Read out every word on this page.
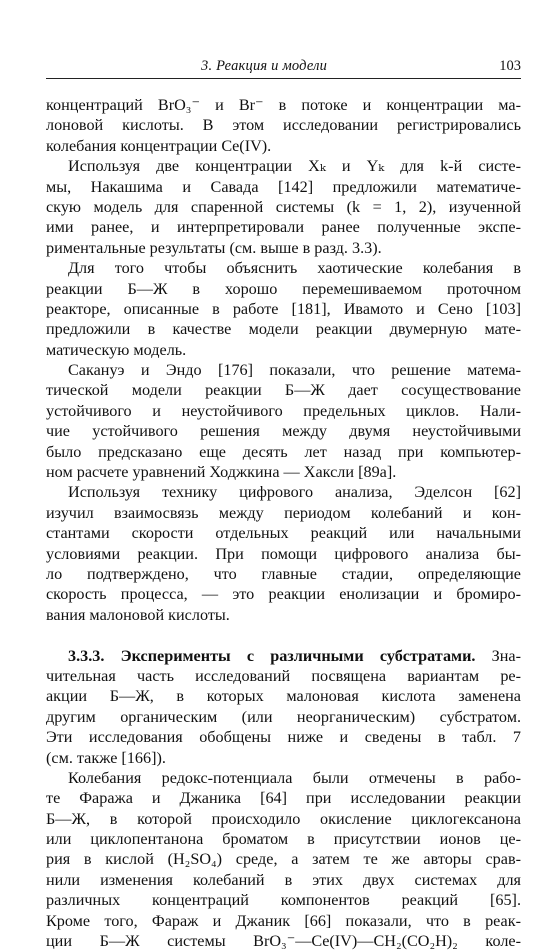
3. Реакция и модели	103
концентраций BrO₃⁻ и Br⁻ в потоке и концентрации ма-
лоновой кислоты. В этом исследовании регистрировались
колебания концентрации Ce(IV).
Используя две концентрации Xₖ и Yₖ для k-й систе-
мы, Накашима и Савада [142] предложили математиче-
скую модель для спаренной системы (k = 1, 2), изученной
ими ранее, и интерпретировали ранее полученные экспе-
риментальные результаты (см. выше в разд. 3.3).
Для того чтобы объяснить хаотические колебания в
реакции Б—Ж в хорошо перемешиваемом проточном
реакторе, описанные в работе [181], Ивамото и Сено [103]
предложили в качестве модели реакции двумерную мате-
матическую модель.
Сакануэ и Эндо [176] показали, что решение матема-
тической модели реакции Б—Ж дает сосуществование
устойчивого и неустойчивого предельных циклов. Нали-
чие устойчивого решения между двумя неустойчивыми
было предсказано еще десять лет назад при компьютер-
ном расчете уравнений Ходжкина — Хаксли [89а].
Используя технику цифрового анализа, Эделсон [62]
изучил взаимосвязь между периодом колебаний и кон-
стантами скорости отдельных реакций или начальными
условиями реакции. При помощи цифрового анализа бы-
ло подтверждено, что главные стадии, определяющие
скорость процесса, — это реакции енолизации и бромиро-
вания малоновой кислоты.
3.3.3. Эксперименты с различными субстратами. Зна-
чительная часть исследований посвящена вариантам ре-
акции Б—Ж, в которых малоновая кислота заменена
другим органическим (или неорганическим) субстратом.
Эти исследования обобщены ниже и сведены в табл. 7
(см. также [166]).
Колебания редокс-потенциала были отмечены в рабо-
те Фаража и Джаника [64] при исследовании реакции
Б—Ж, в которой происходило окисление циклогексанона
или циклопентанона броматом в присутствии ионов це-
рия в кислой (H₂SO₄) среде, а затем те же авторы срав-
нили изменения колебаний в этих двух системах для
различных концентраций компонентов реакций [65].
Кроме того, Фараж и Джаник [66] показали, что в реак-
ции Б—Ж системы BrO₃⁻—Ce(IV)—CH₂(CO₂H)₂ коле-
